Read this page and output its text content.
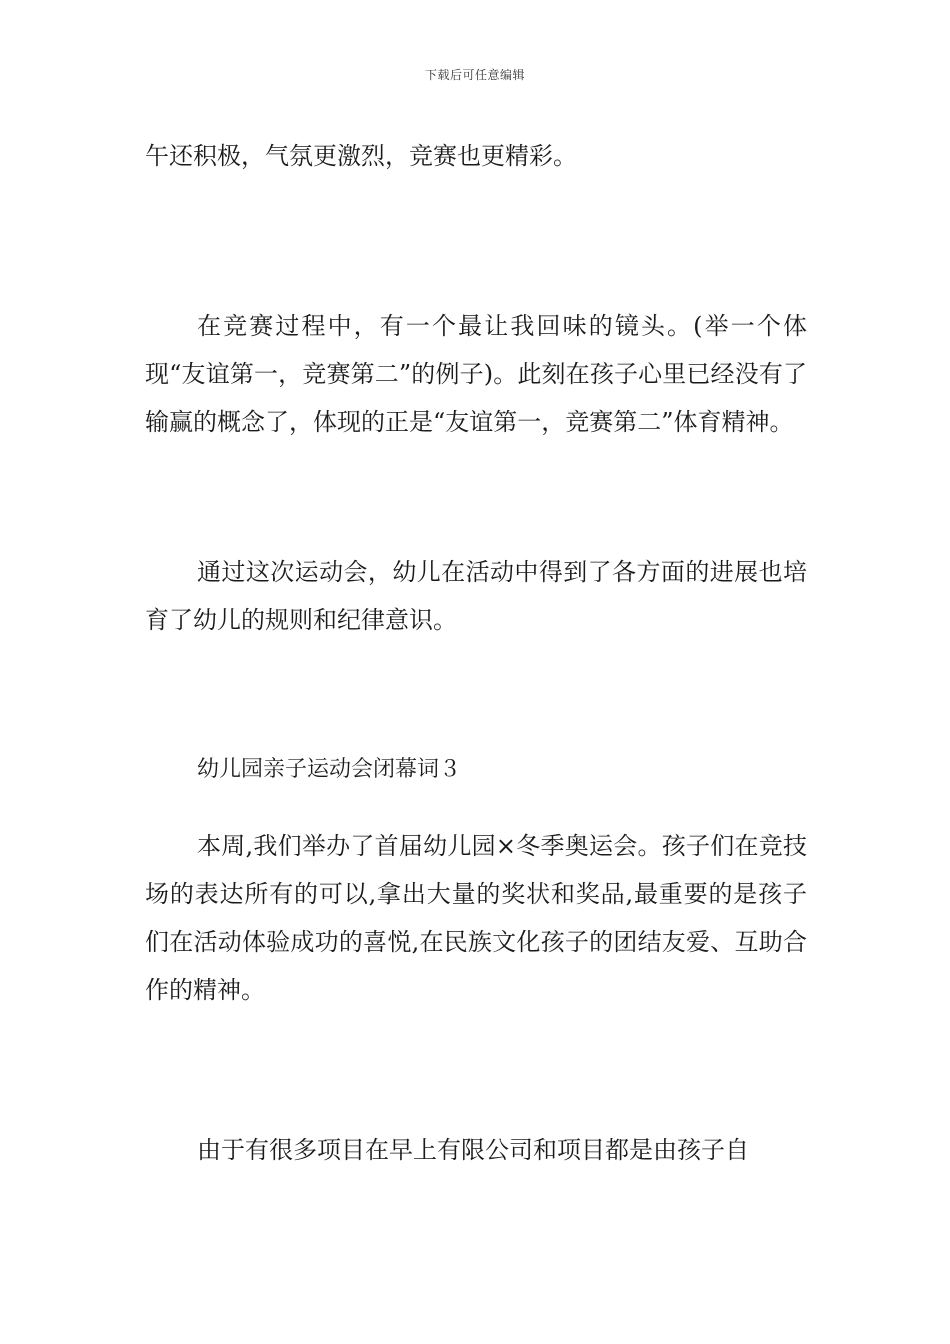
下载后可任意编辑

午还积极，气氛更激烈，竞赛也更精彩。

在竞赛过程中，有一个最让我回味的镜头。(举一个体现“友谊第一，竞赛第二”的例子)。此刻在孩子心里已经没有了输赢的概念了，体现的正是“友谊第一，竞赛第二”体育精神。

通过这次运动会，幼儿在活动中得到了各方面的进展也培育了幼儿的规则和纪律意识。

幼儿园亲子运动会闭幕词３

本周,我们举办了首届幼儿园×冬季奥运会。孩子们在竞技场的表达所有的可以,拿出大量的奖状和奖品,最重要的是孩子们在活动体验成功的喜悦,在民族文化孩子的团结友爱、互助合作的精神。

由于有很多项目在早上有限公司和项目都是由孩子自
